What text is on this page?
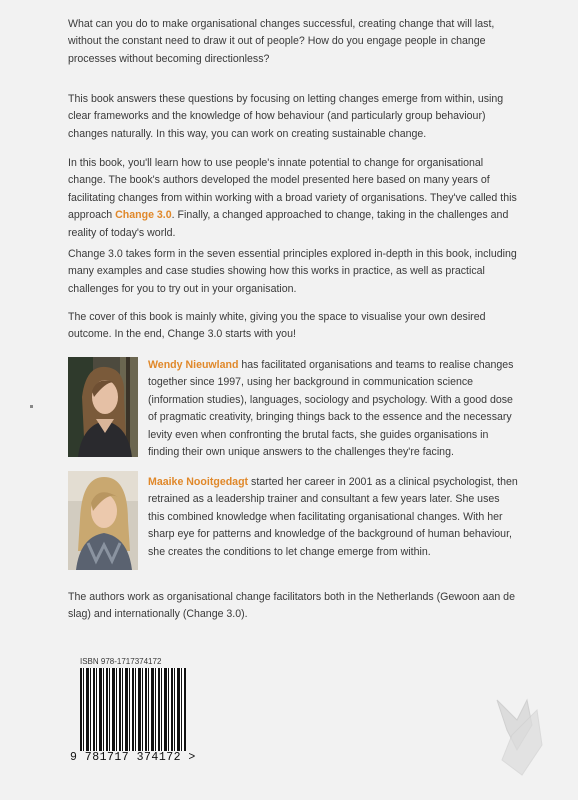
What can you do to make organisational changes successful, creating change that will last, without the constant need to draw it out of people? How do you engage people in change processes without becoming directionless?

This book answers these questions by focusing on letting changes emerge from within, using clear frameworks and the knowledge of how behaviour (and particularly group behaviour) changes naturally. In this way, you can work on creating sustainable change.

In this book, you'll learn how to use people's innate potential to change for organisational change. The book's authors developed the model presented here based on many years of facilitating changes from within working with a broad variety of organisations. They've called this approach Change 3.0. Finally, a changed approached to change, taking in the challenges and reality of today's world.

Change 3.0 takes form in the seven essential principles explored in-depth in this book, including many examples and case studies showing how this works in practice, as well as practical challenges for you to try out in your organisation.

The cover of this book is mainly white, giving you the space to visualise your own desired outcome. In the end, Change 3.0 starts with you!

Wendy Nieuwland has facilitated organisations and teams to realise changes together since 1997, using her background in communication science (information studies), languages, sociology and psychology. With a good dose of pragmatic creativity, bringing things back to the essence and the necessary levity even when confronting the brutal facts, she guides organisations in finding their own unique answers to the challenges they're facing.

Maaike Nooitgedagt started her career in 2001 as a clinical psychologist, then retrained as a leadership trainer and consultant a few years later. She uses this combined knowledge when facilitating organisational changes. With her sharp eye for patterns and knowledge of the background of human behaviour, she creates the conditions to let change emerge from within.

The authors work as organisational change facilitators both in the Netherlands (Gewoon aan de slag) and internationally (Change 3.0).

ISBN 978-1717374172
9 781717 374172 >
